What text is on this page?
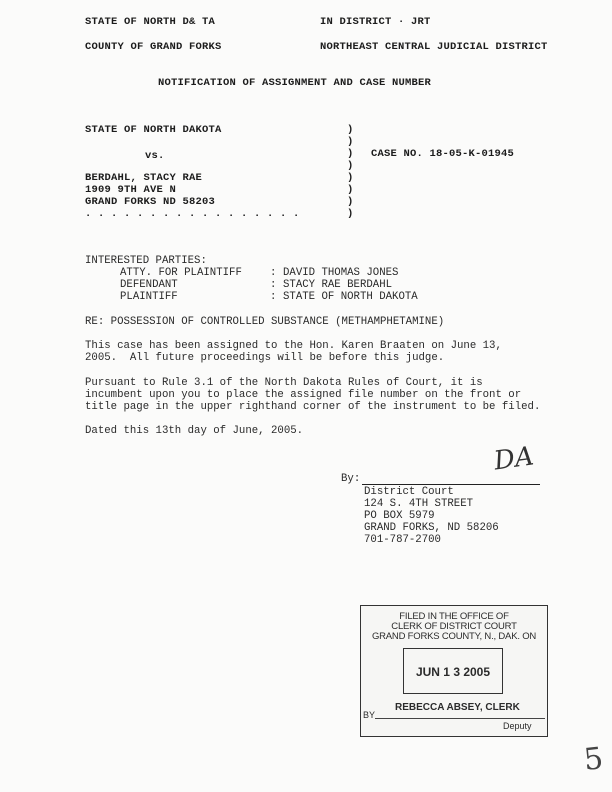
STATE OF NORTH D& TA	IN DISTRICT · JRT
COUNTY OF GRAND FORKS	NORTHEAST CENTRAL JUDICIAL DISTRICT
NOTIFICATION OF ASSIGNMENT AND CASE NUMBER
STATE OF NORTH DAKOTA
vs.
BERDAHL, STACY RAE
1909 9TH AVE N
GRAND FORKS ND 58203
. . . . . . . . . . . . . . . . .
)
)
)
)
)
)
)
)
CASE NO. 18-05-K-01945
INTERESTED PARTIES:
ATTY. FOR PLAINTIFF	: DAVID THOMAS JONES
DEFENDANT	: STACY RAE BERDAHL
PLAINTIFF	: STATE OF NORTH DAKOTA
RE: POSSESSION OF CONTROLLED SUBSTANCE (METHAMPHETAMINE)
This case has been assigned to the Hon. Karen Braaten on June 13,
2005.  All future proceedings will be before this judge.
Pursuant to Rule 3.1 of the North Dakota Rules of Court, it is
incumbent upon you to place the assigned file number on the front or
title page in the upper righthand corner of the instrument to be filed.
Dated this 13th day of June, 2005.
DA
By:
District Court
124 S. 4TH STREET
PO BOX 5979
GRAND FORKS, ND 58206
701-787-2700
FILED IN THE OFFICE OF
CLERK OF DISTRICT COURT
GRAND FORKS COUNTY, N., DAK. ON
JUN 1 3 2005
REBECCA ABSEY, CLERK
BY
Deputy
5
